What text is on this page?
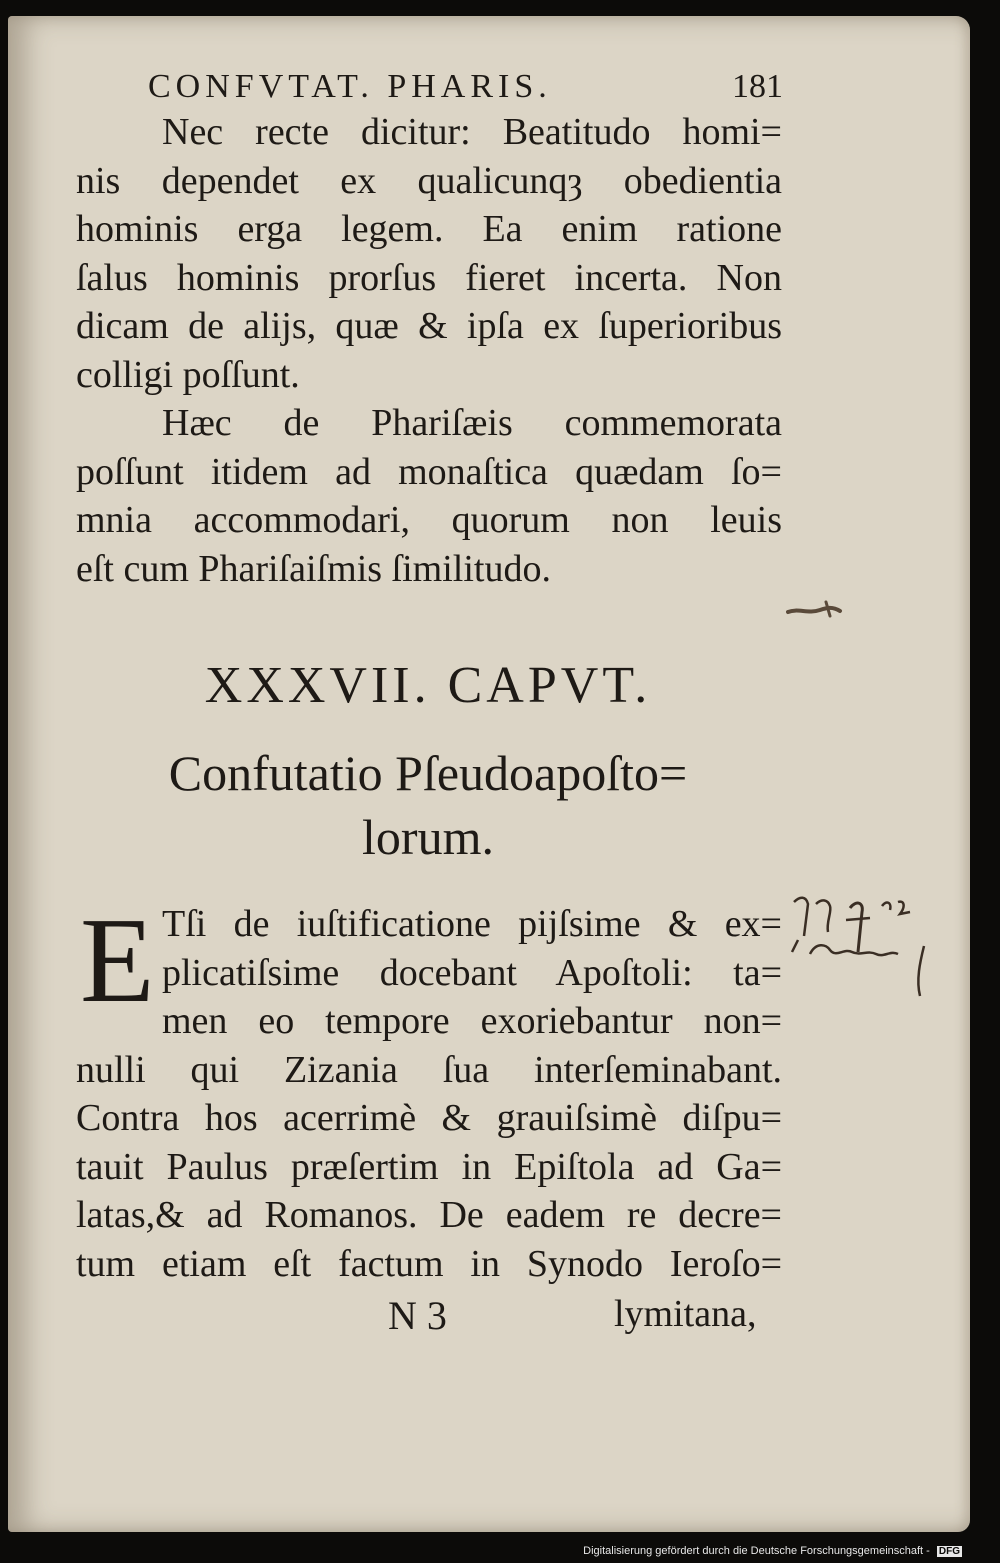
CONFVTAT. PHARIS.	181
Nec recte dicitur: Beatitudo homi=
nis dependet ex qualicunqȝ obedientia
hominis erga legem. Ea enim ratione
ſalus hominis prorſus fieret incerta. Non
dicam de alijs, quæ & ipſa ex ſuperioribus
colligi poſſunt.
Hæc de Phariſæis commemorata
poſſunt itidem ad monaſtica quædam ſo=
mnia accommodari, quorum non leuis
eſt cum Phariſaiſmis ſimilitudo.
XXXVII. CAPVT.
Confutatio Pſeudoapoſto=
lorum.
E Tſi de iuſtificatione pijſsime & ex=
plicatiſsime docebant Apoſtoli: ta=
men eo tempore exoriebantur non=
nulli qui Zizania ſua interſeminabant.
Contra hos acerrimè & grauiſsimè diſpu=
tauit Paulus præſertim in Epiſtola ad Ga=
latas,& ad Romanos. De eadem re decre=
tum etiam eſt factum in Synodo Ieroſo=
N 3	lymitana,
Digitalisierung gefördert durch die Deutsche Forschungsgemeinschaft - DFG
